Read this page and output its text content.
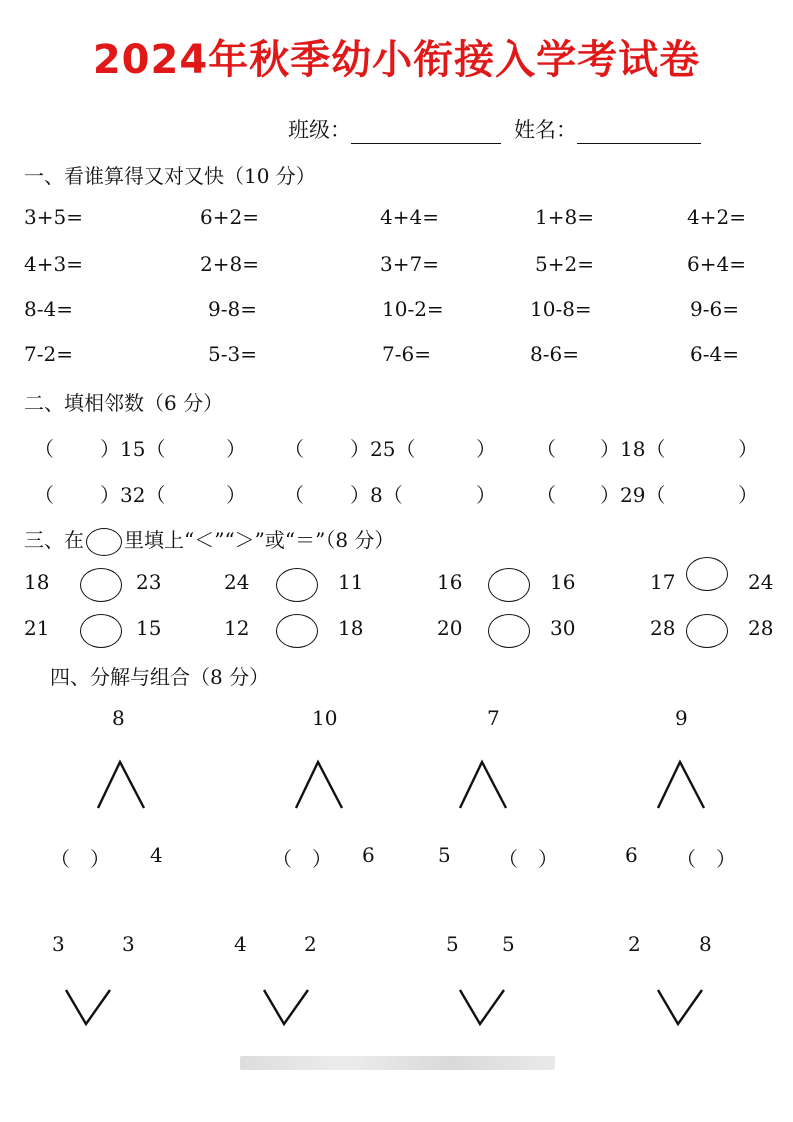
2024年秋季幼小衔接入学考试卷
班级：	姓名：
一、看谁算得又对又快（10 分）
3+5=	6+2=	4+4=	1+8=	4+2=
4+3=	2+8=	3+7=	5+2=	6+4=
8-4=	9-8=	10-2=	10-8=	9-6=
7-2=	5-3=	7-6=	8-6=	6-4=
二、填相邻数（6 分）
（ ）15（	） （ ）25（	） （ ）18（	）
（ ）32（	） （ ）8（	） （ ）29（	）
三、在 里填上“＜”“＞”或“＝”（8 分）
18	23	24	11	16	16	17	24
21	15	12	18	20	30	28	28
四、分解与组合（8 分）
8
（　） 4
10
（　） 6
7
5 （　）
9
6 （　）
3	3	4	2	5 5	2	8
